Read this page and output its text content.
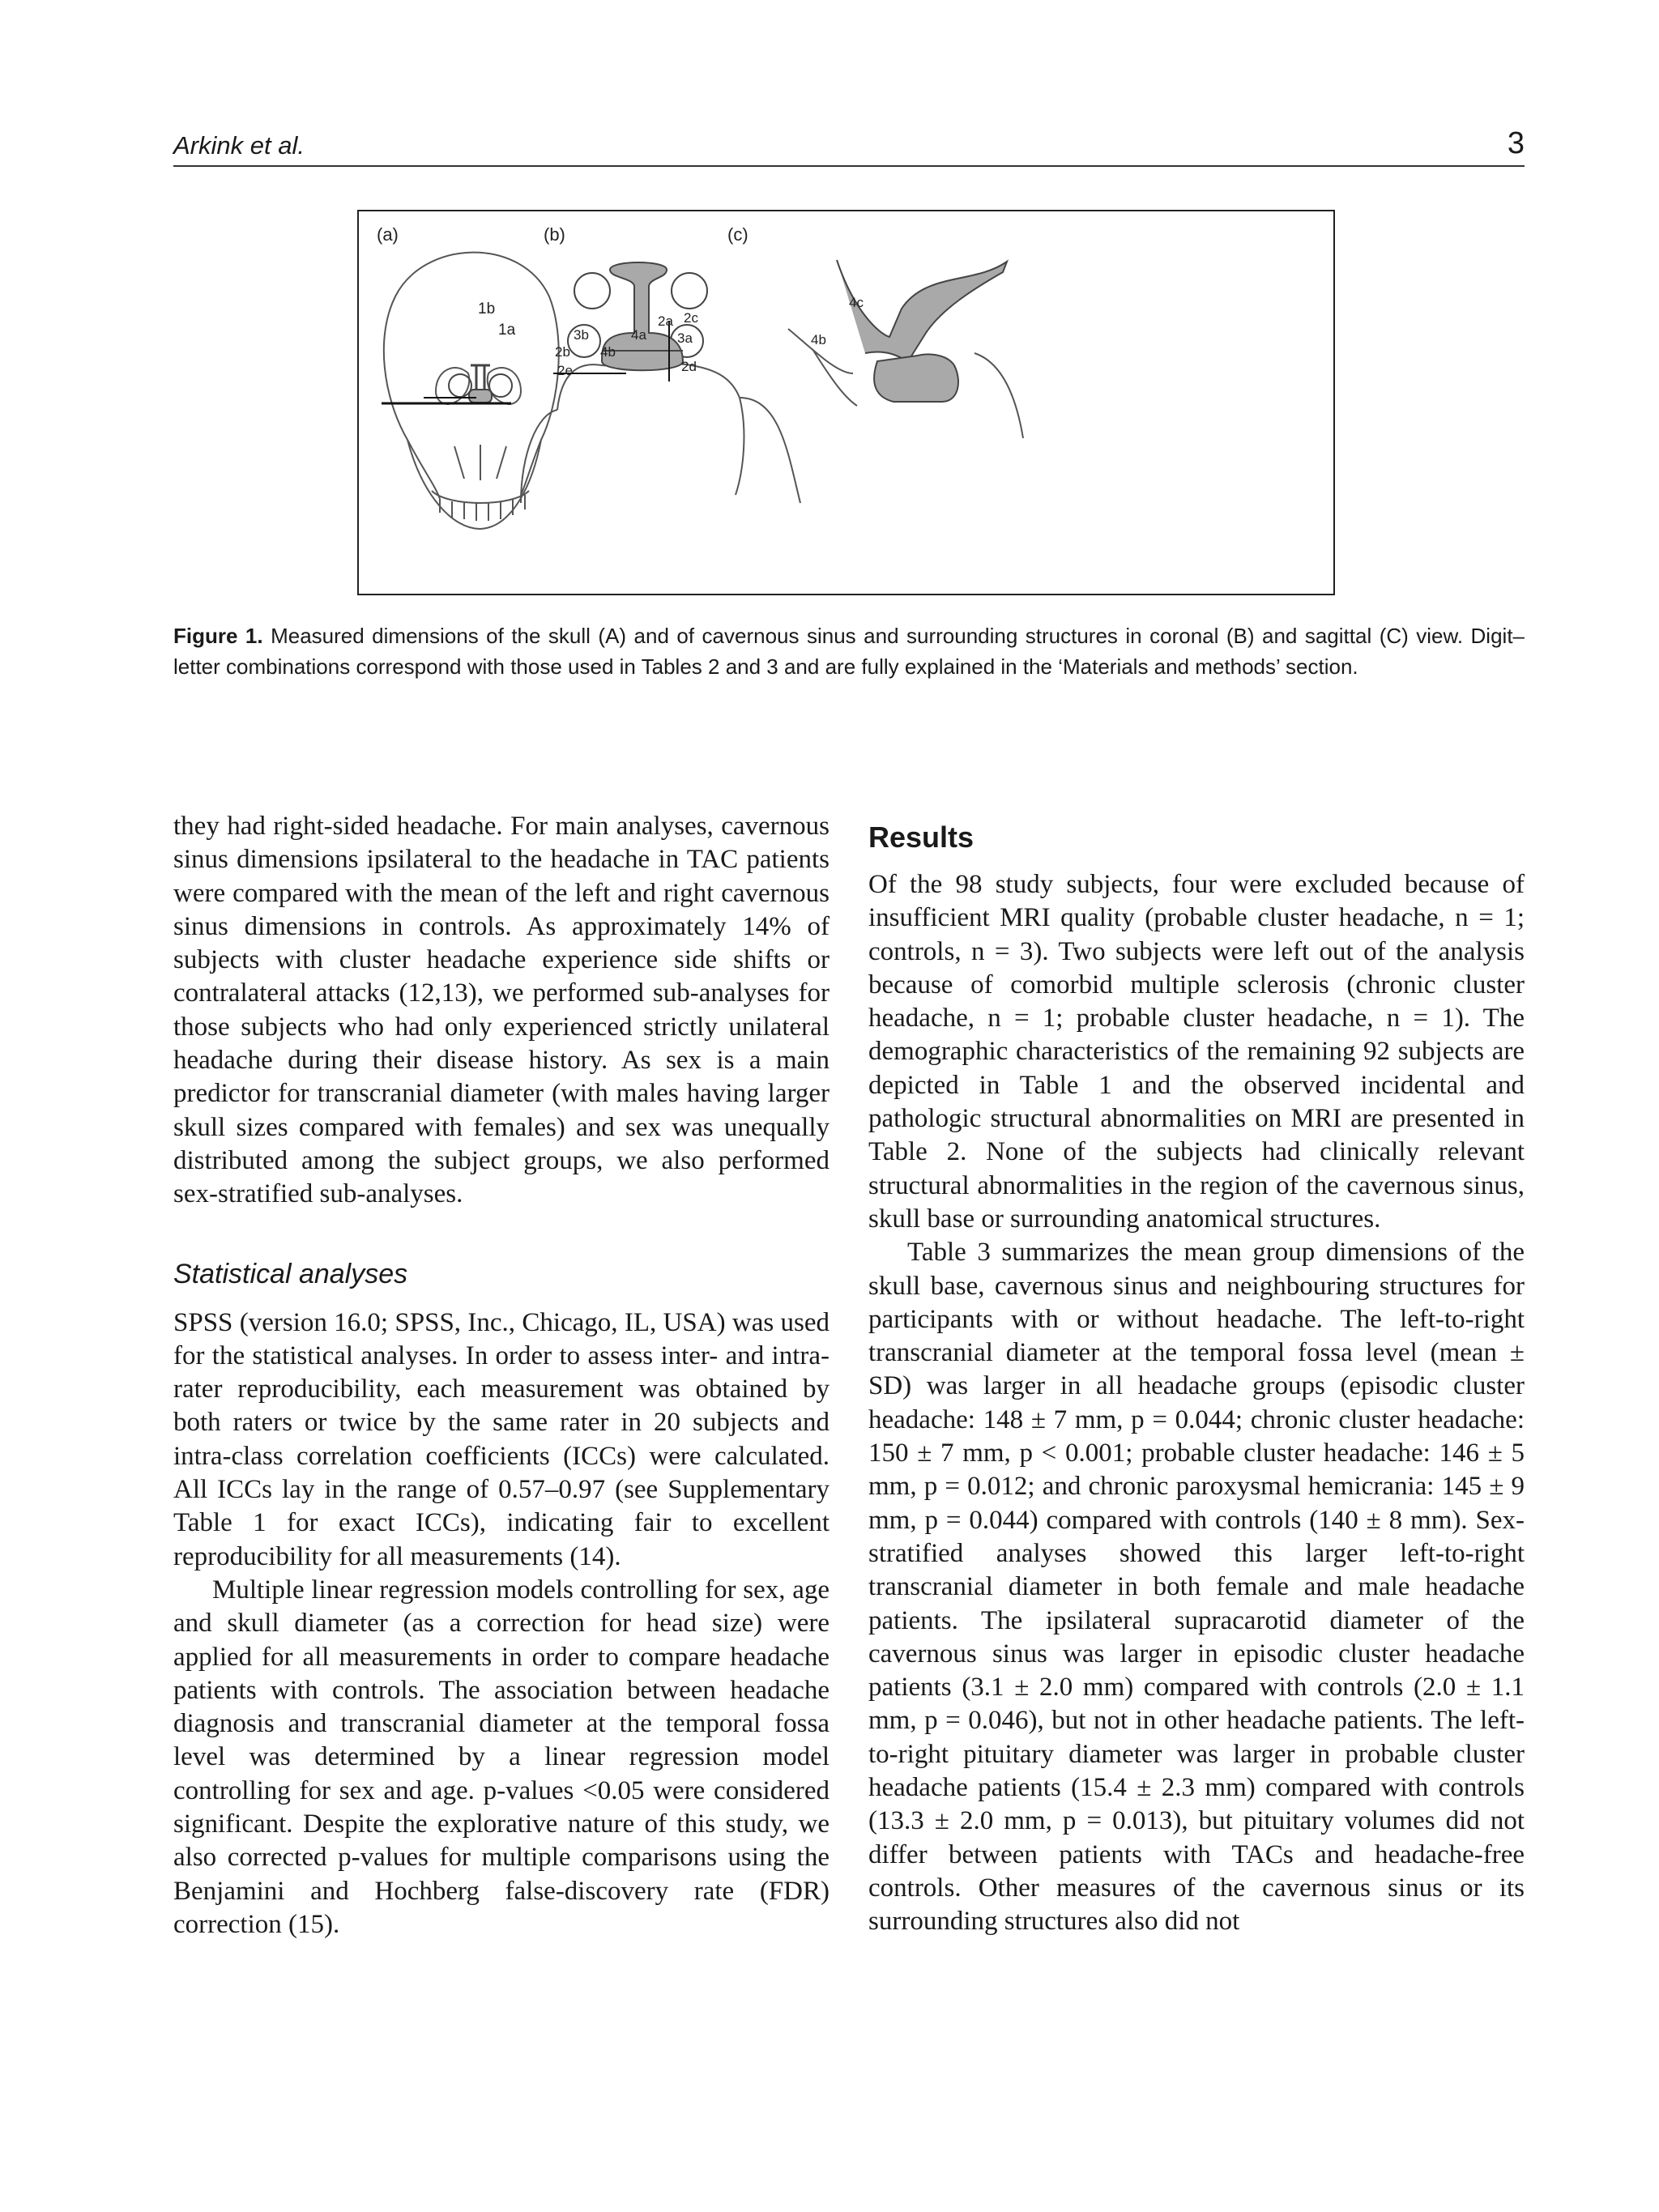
Arkink et al.	3
(a)	(b)	(c)
1b
1a
2a 2c
3b	4a 3a
2b 4b
2d
2e
4c
4b
Figure 1. Measured dimensions of the skull (A) and of cavernous sinus and surrounding structures in coronal (B) and sagittal (C) view. Digit–letter combinations correspond with those used in Tables 2 and 3 and are fully explained in the ‘Materials and methods’ section.

they had right-sided headache. For main analyses, cavernous sinus dimensions ipsilateral to the headache in TAC patients were compared with the mean of the left and right cavernous sinus dimensions in controls. As approximately 14% of subjects with cluster headache experience side shifts or contralateral attacks (12,13), we performed sub-analyses for those subjects who had only experienced strictly unilateral headache during their disease history. As sex is a main predictor for transcranial diameter (with males having larger skull sizes compared with females) and sex was unequally distributed among the subject groups, we also performed sex-stratified sub-analyses.

Statistical analyses

SPSS (version 16.0; SPSS, Inc., Chicago, IL, USA) was used for the statistical analyses. In order to assess inter- and intra-rater reproducibility, each measurement was obtained by both raters or twice by the same rater in 20 subjects and intra-class correlation coefficients (ICCs) were calculated. All ICCs lay in the range of 0.57–0.97 (see Supplementary Table 1 for exact ICCs), indicating fair to excellent reproducibility for all measurements (14).

Multiple linear regression models controlling for sex, age and skull diameter (as a correction for head size) were applied for all measurements in order to compare headache patients with controls. The association between headache diagnosis and transcranial diameter at the temporal fossa level was determined by a linear regression model controlling for sex and age. p-values <0.05 were considered significant. Despite the explorative nature of this study, we also corrected p-values for multiple comparisons using the Benjamini and Hochberg false-discovery rate (FDR) correction (15).

Results

Of the 98 study subjects, four were excluded because of insufficient MRI quality (probable cluster headache, n = 1; controls, n = 3). Two subjects were left out of the analysis because of comorbid multiple sclerosis (chronic cluster headache, n = 1; probable cluster headache, n = 1). The demographic characteristics of the remaining 92 subjects are depicted in Table 1 and the observed incidental and pathologic structural abnormalities on MRI are presented in Table 2. None of the subjects had clinically relevant structural abnormalities in the region of the cavernous sinus, skull base or surrounding anatomical structures.

Table 3 summarizes the mean group dimensions of the skull base, cavernous sinus and neighbouring structures for participants with or without headache. The left-to-right transcranial diameter at the temporal fossa level (mean ± SD) was larger in all headache groups (episodic cluster headache: 148 ± 7 mm, p = 0.044; chronic cluster headache: 150 ± 7 mm, p < 0.001; probable cluster headache: 146 ± 5 mm, p = 0.012; and chronic paroxysmal hemicrania: 145 ± 9 mm, p = 0.044) compared with controls (140 ± 8 mm). Sex-stratified analyses showed this larger left-to-right transcranial diameter in both female and male headache patients. The ipsilateral supracarotid diameter of the cavernous sinus was larger in episodic cluster headache patients (3.1 ± 2.0 mm) compared with controls (2.0 ± 1.1 mm, p = 0.046), but not in other headache patients. The left-to-right pituitary diameter was larger in probable cluster headache patients (15.4 ± 2.3 mm) compared with controls (13.3 ± 2.0 mm, p = 0.013), but pituitary volumes did not differ between patients with TACs and headache-free controls. Other measures of the cavernous sinus or its surrounding structures also did not
